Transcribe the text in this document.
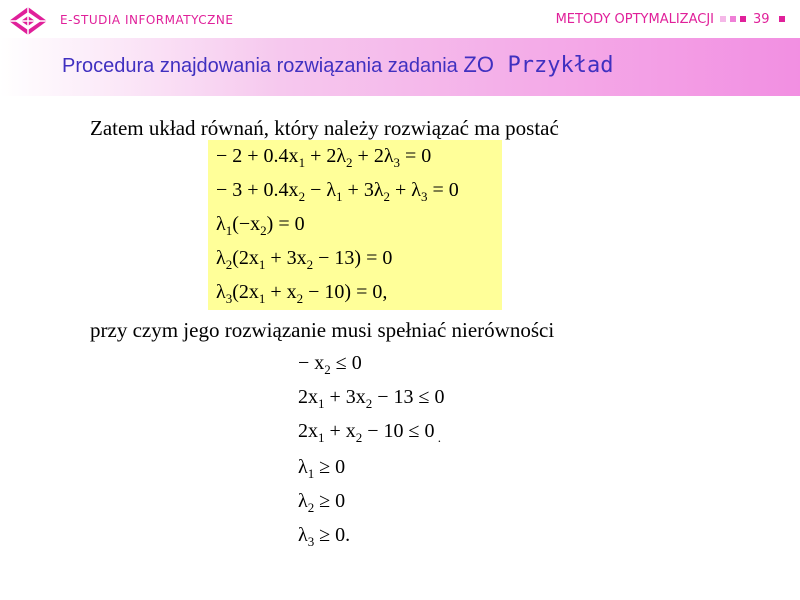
E-STUDIA INFORMATYCZNE	METODY OPTYMALIZACJI	39
Procedura znajdowania rozwiązania zadania ZO Przykład
Zatem układ równań, który należy rozwiązać ma postać
− $2 + 0.4x_1 + 2\lambda_2 + 2\lambda_3 = 0$
− $3 + 0.4x_2 - \lambda_1 + 3\lambda_2 + \lambda_3 = 0$
$\lambda_1(-x_2) = 0$
$\lambda_2(2x_1 + 3x_2 - 13) = 0$
$\lambda_3(2x_1 + x_2 - 10) = 0$,
przy czym jego rozwiązanie musi spełniać nierówności
− $x_2 \le 0$
$2x_1 + 3x_2 - 13 \le 0$
$2x_1 + x_2 - 10 \le 0$ $_.$
$\lambda_1 \ge 0$
$\lambda_2 \ge 0$
$\lambda_3 \ge 0$.
